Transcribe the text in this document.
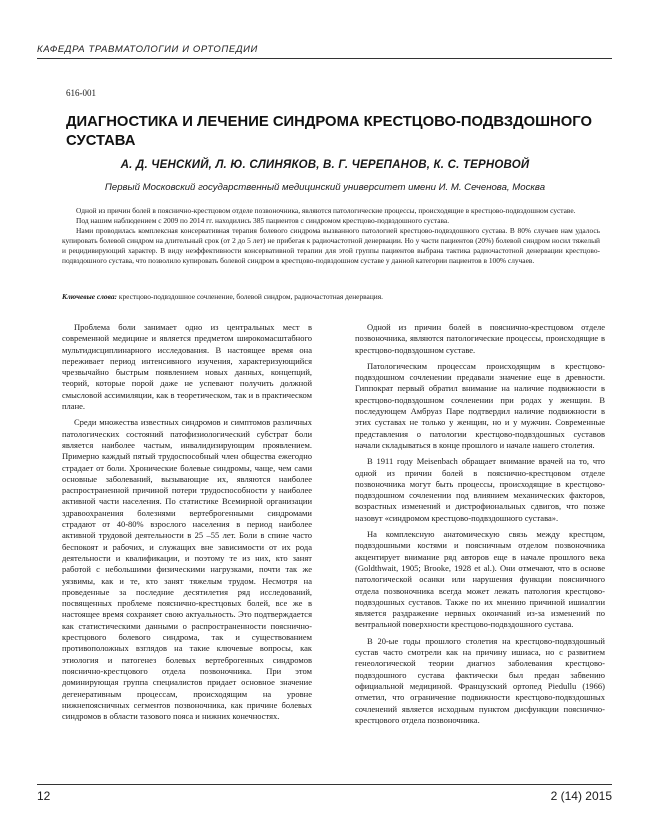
КАФЕДРА ТРАВМАТОЛОГИИ И ОРТОПЕДИИ
616-001
ДИАГНОСТИКА И ЛЕЧЕНИЕ СИНДРОМА КРЕСТЦОВО-ПОДВЗДОШНОГО СУСТАВА
А. Д. ЧЕНСКИЙ, Л. Ю. СЛИНЯКОВ, В. Г. ЧЕРЕПАНОВ, К. С. ТЕРНОВОЙ
Первый Московский государственный медицинский университет имени И. М. Сеченова, Москва

Одной из причин болей в пояснично-крестцовом отделе позвоночника, являются патологические процессы, происходящие в крестцово-подвздошном суставе.

Под нашим наблюдением с 2009 по 2014 гг. находились 385 пациентов с синдромом крестцово-подвздошного сустава.

Нами проводилась комплексная консервативная терапия болевого синдрома вызванного патологией крестцово-подвздошного сустава. В 80% случаев нам удалось купировать болевой синдром на длительный срок (от 2 до 5 лет) не прибегая к радиочастотной денервации. Но у части пациентов (20%) болевой синдром носил тяжелый и рецидивирующий характер. В виду неэффективности консервативной терапии для этой группы пациентов выбрана тактика радиочастотной денервации крестцово-подвздошного сустава, что позволило купировать болевой синдром в крестцово-подвздошном суставе у данной категории пациентов в 100% случаев.

Ключевые слова: крестцово-подвздошное сочленение, болевой синдром, радиочастотная денервация.

Проблема боли занимает одно из центральных мест в современной медицине и является предметом широкомасштабного мультидисциплинарного исследования. В настоящее время она переживает период интенсивного изучения, характеризующийся чрезвычайно быстрым появлением новых данных, концепций, теорий, которые порой даже не успевают получить должной смысловой ассимиляции, как в теоретическом, так и в практическом плане.

Среди множества известных синдромов и симптомов различных патологических состояний патофизиологический субстрат боли является наиболее частым, инвалидизирующим проявлением. Примерно каждый пятый трудоспособный член общества ежегодно страдает от боли. Хронические болевые синдромы, чаще, чем сами основные заболеваний, вызывающие их, являются наиболее распространенной причиной потери трудоспособности у наиболее активной части населения. По статистике Всемирной организации здравоохранения болезнями вертеброгенными синдромами страдают от 40-80% взрослого населения в период наиболее активной трудовой деятельности в 25 –55 лет. Боли в спине часто беспокоят и рабочих, и служащих вне зависимости от их рода деятельности и квалификации, и поэтому те из них, кто занят работой с небольшими физическими нагрузками, почти так же уязвимы, как и те, кто занят тяжелым трудом. Несмотря на проведенные за последние десятилетия ряд исследований, посвященных проблеме пояснично-крестцовых болей, все же в настоящее время сохраняет свою актуальность. Это подтверждается как статистическими данными о распространенности пояснично-крестцового болевого синдрома, так и существованием противоположных взглядов на такие ключевые вопросы, как этиология и патогенез болевых вертеброгенных синдромов пояснично-крестцового отдела позвоночника. При этом доминирующая группа специалистов придает основное значение дегенеративным процессам, происходящим на уровне нижнепоясничных сегментов позвоночника, как причине болевых синдромов в области тазового пояса и нижних конечностях.

Одной из причин болей в пояснично-крестцовом отделе позвоночника, являются патологические процессы, происходящие в крестцово-подвздошном суставе.

Патологическим процессам происходящим в крестцово-подвздошном сочленении предавали значение еще в древности. Гиппократ первый обратил внимание на наличие подвижности в крестцово-подвздошном сочленении при родах у женщин. В последующем Амбруаз Паре подтвердил наличие подвижности в этих суставах не только у женщин, но и у мужчин. Современные представления о патологии крестцово-подвздошных суставов начали складываться в конце прошлого и начале нашего столетия.

В 1911 году Meisenbach обращает внимание врачей на то, что одной из причин болей в пояснично-крестцовом отделе позвоночника могут быть процессы, происходящие в крестцово-подвздошном сочленении под влиянием механических факторов, возрастных изменений и дистрофиональных сдвигов, что позже назовут «синдромом крестцово-подвздошного сустава».

На комплексную анатомическую связь между крестцом, подвздошными костями и поясничным отделом позвоночника акцентирует внимание ряд авторов еще в начале прошлого века (Goldthwait, 1905; Brooke, 1928 et al.). Они отмечают, что в основе патологической осанки или нарушения функции поясничного отдела позвоночника всегда может лежать патология крестцово-подвздошных суставов. Также по их мнению причиной ишиалгии является раздражение нервных окончаний из-за изменений по вентральной поверхности крестцово-подвздошного сустава.

В 20-ые годы прошлого столетия на крестцово-подвздошный сустав часто смотрели как на причину ишиаса, но с развитием генеологической теории диагноз заболевания крестцово-подвздошного сустава фактически был предан забвению официальной медициной. Французский ортопед Piedullu (1966) отметил, что ограничение подвижности крестцово-подвздошных сочленений является исходным пунктом дисфункции пояснично-крестцового отдела позвоночника.

12	2 (14) 2015
